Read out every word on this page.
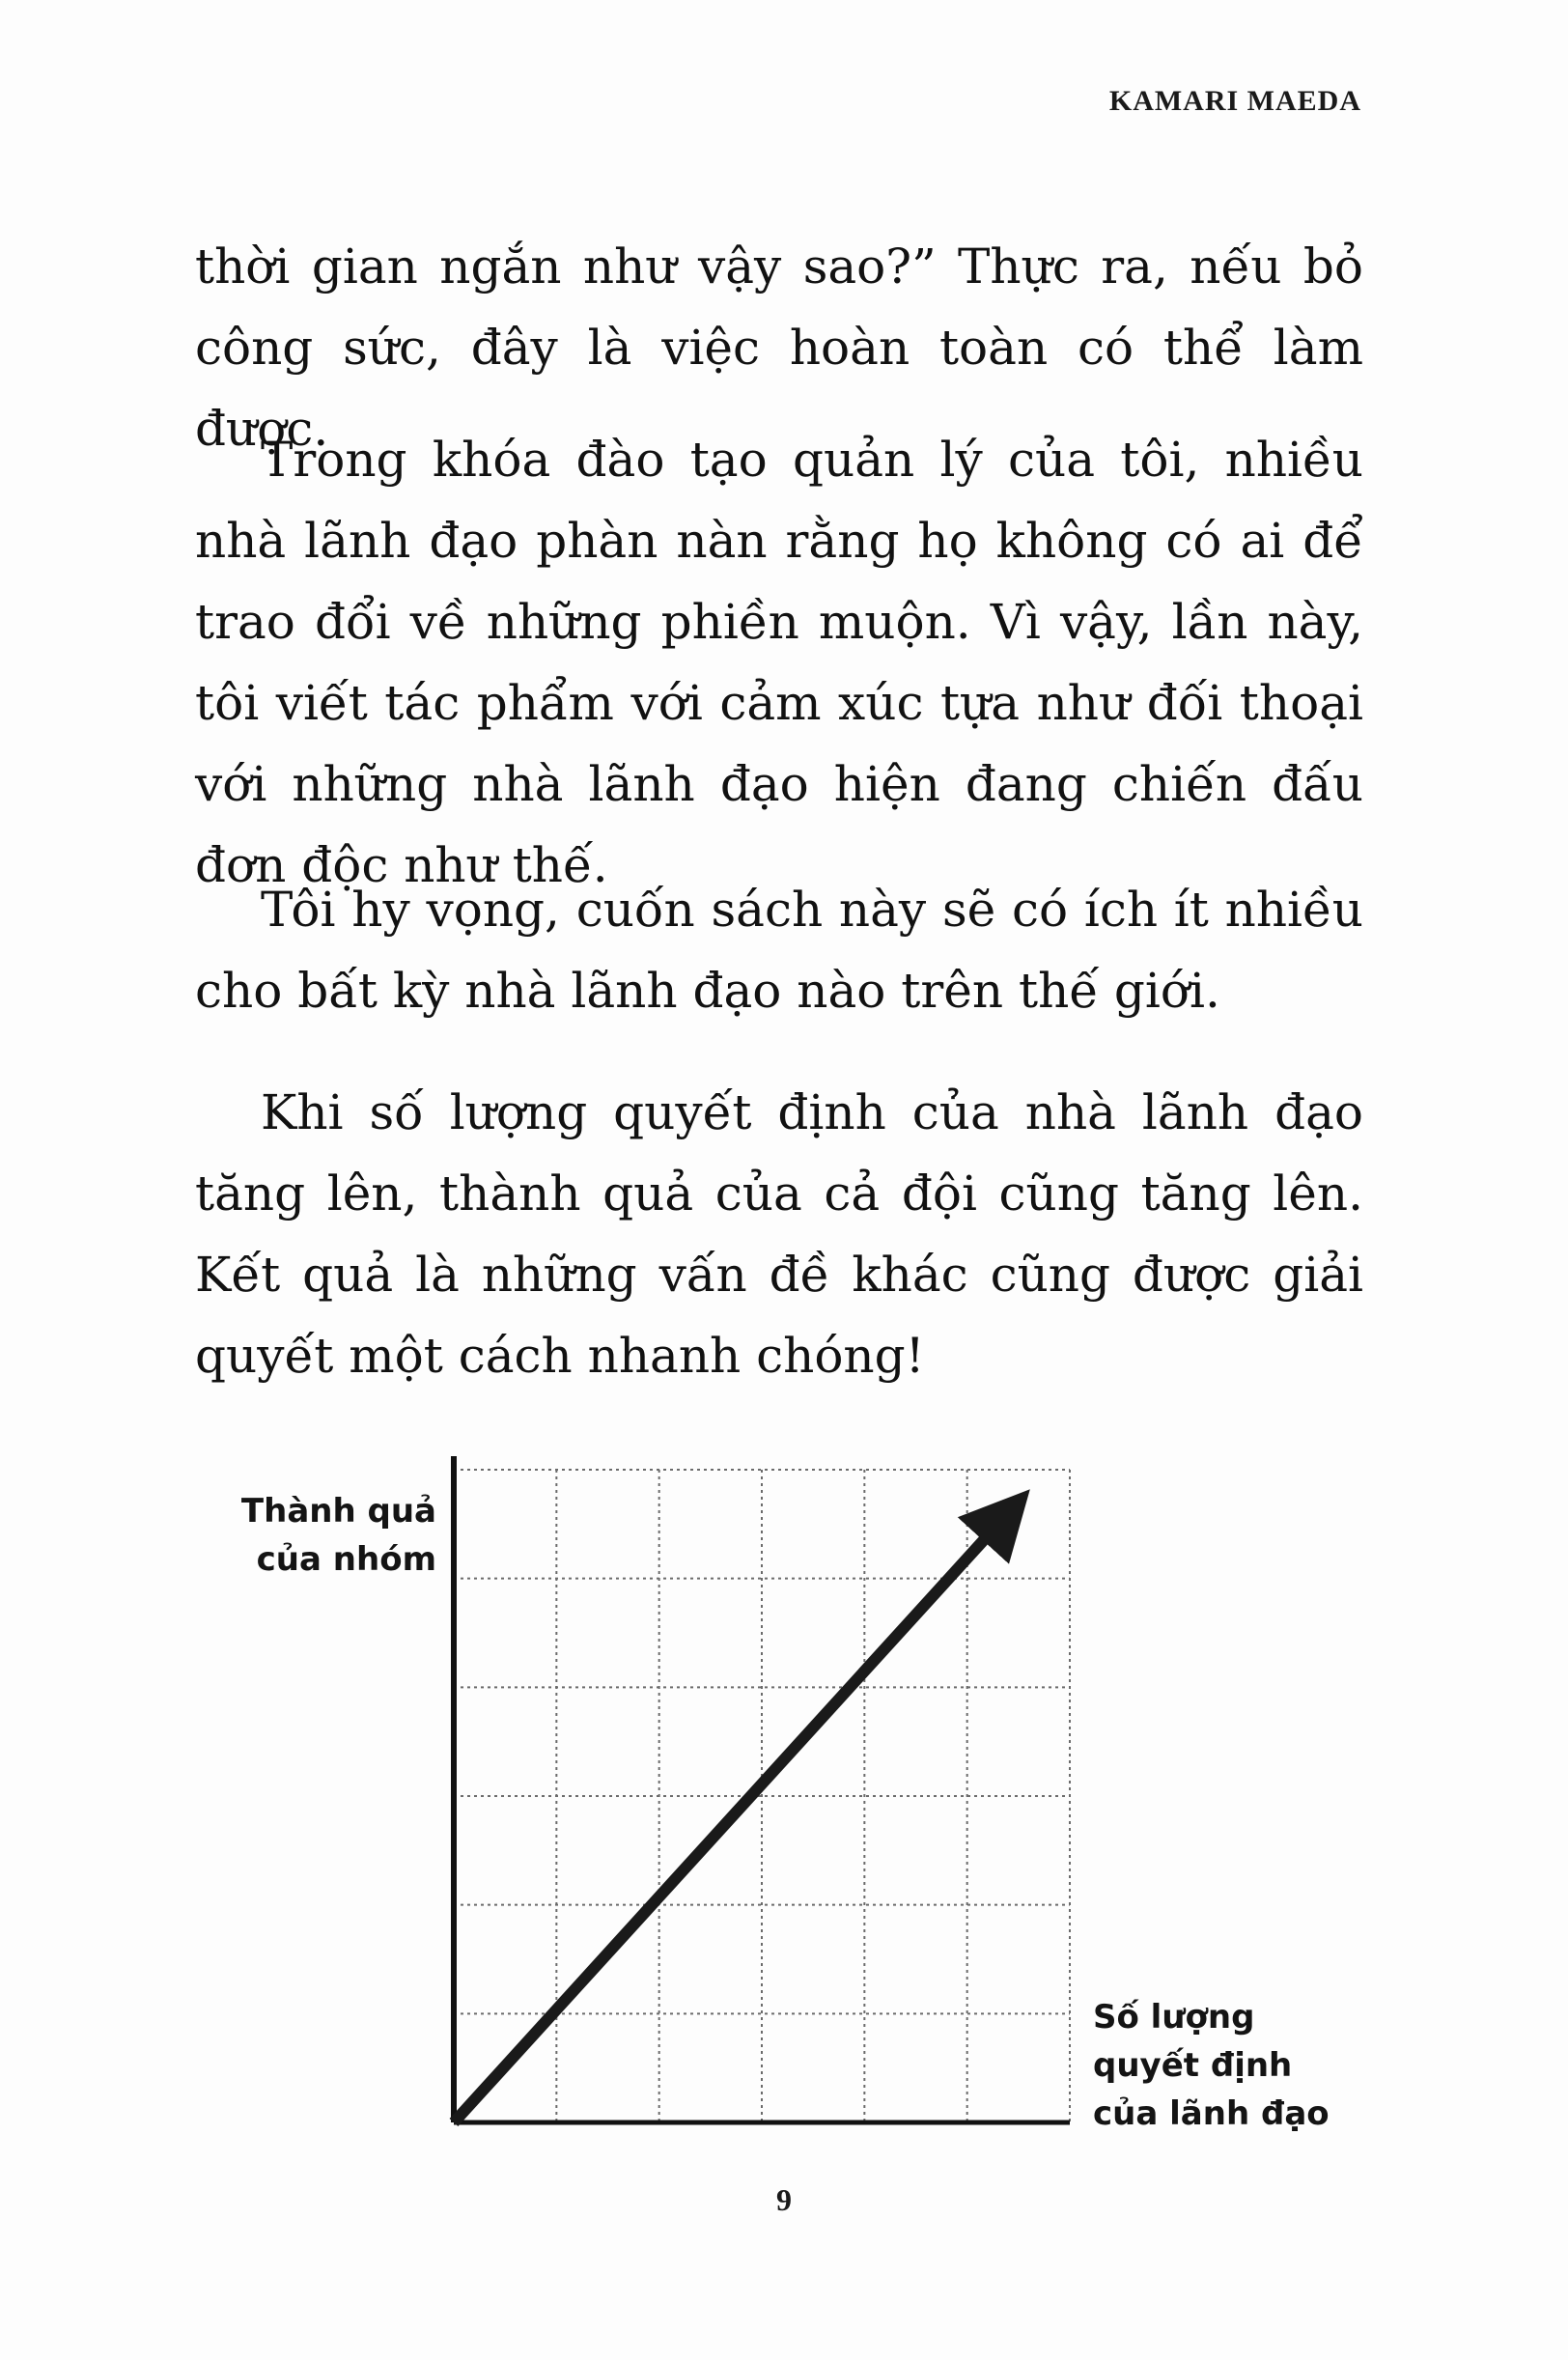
KAMARI MAEDA

thời gian ngắn như vậy sao?” Thực ra, nếu bỏ công sức, đây là việc hoàn toàn có thể làm được.

Trong khóa đào tạo quản lý của tôi, nhiều nhà lãnh đạo phàn nàn rằng họ không có ai để trao đổi về những phiền muộn. Vì vậy, lần này, tôi viết tác phẩm với cảm xúc tựa như đối thoại với những nhà lãnh đạo hiện đang chiến đấu đơn độc như thế.

Tôi hy vọng, cuốn sách này sẽ có ích ít nhiều cho bất kỳ nhà lãnh đạo nào trên thế giới.

Khi số lượng quyết định của nhà lãnh đạo tăng lên, thành quả của cả đội cũng tăng lên. Kết quả là những vấn đề khác cũng được giải quyết một cách nhanh chóng!

Thành quả
của nhóm
Số lượng
quyết định
của lãnh đạo
9
